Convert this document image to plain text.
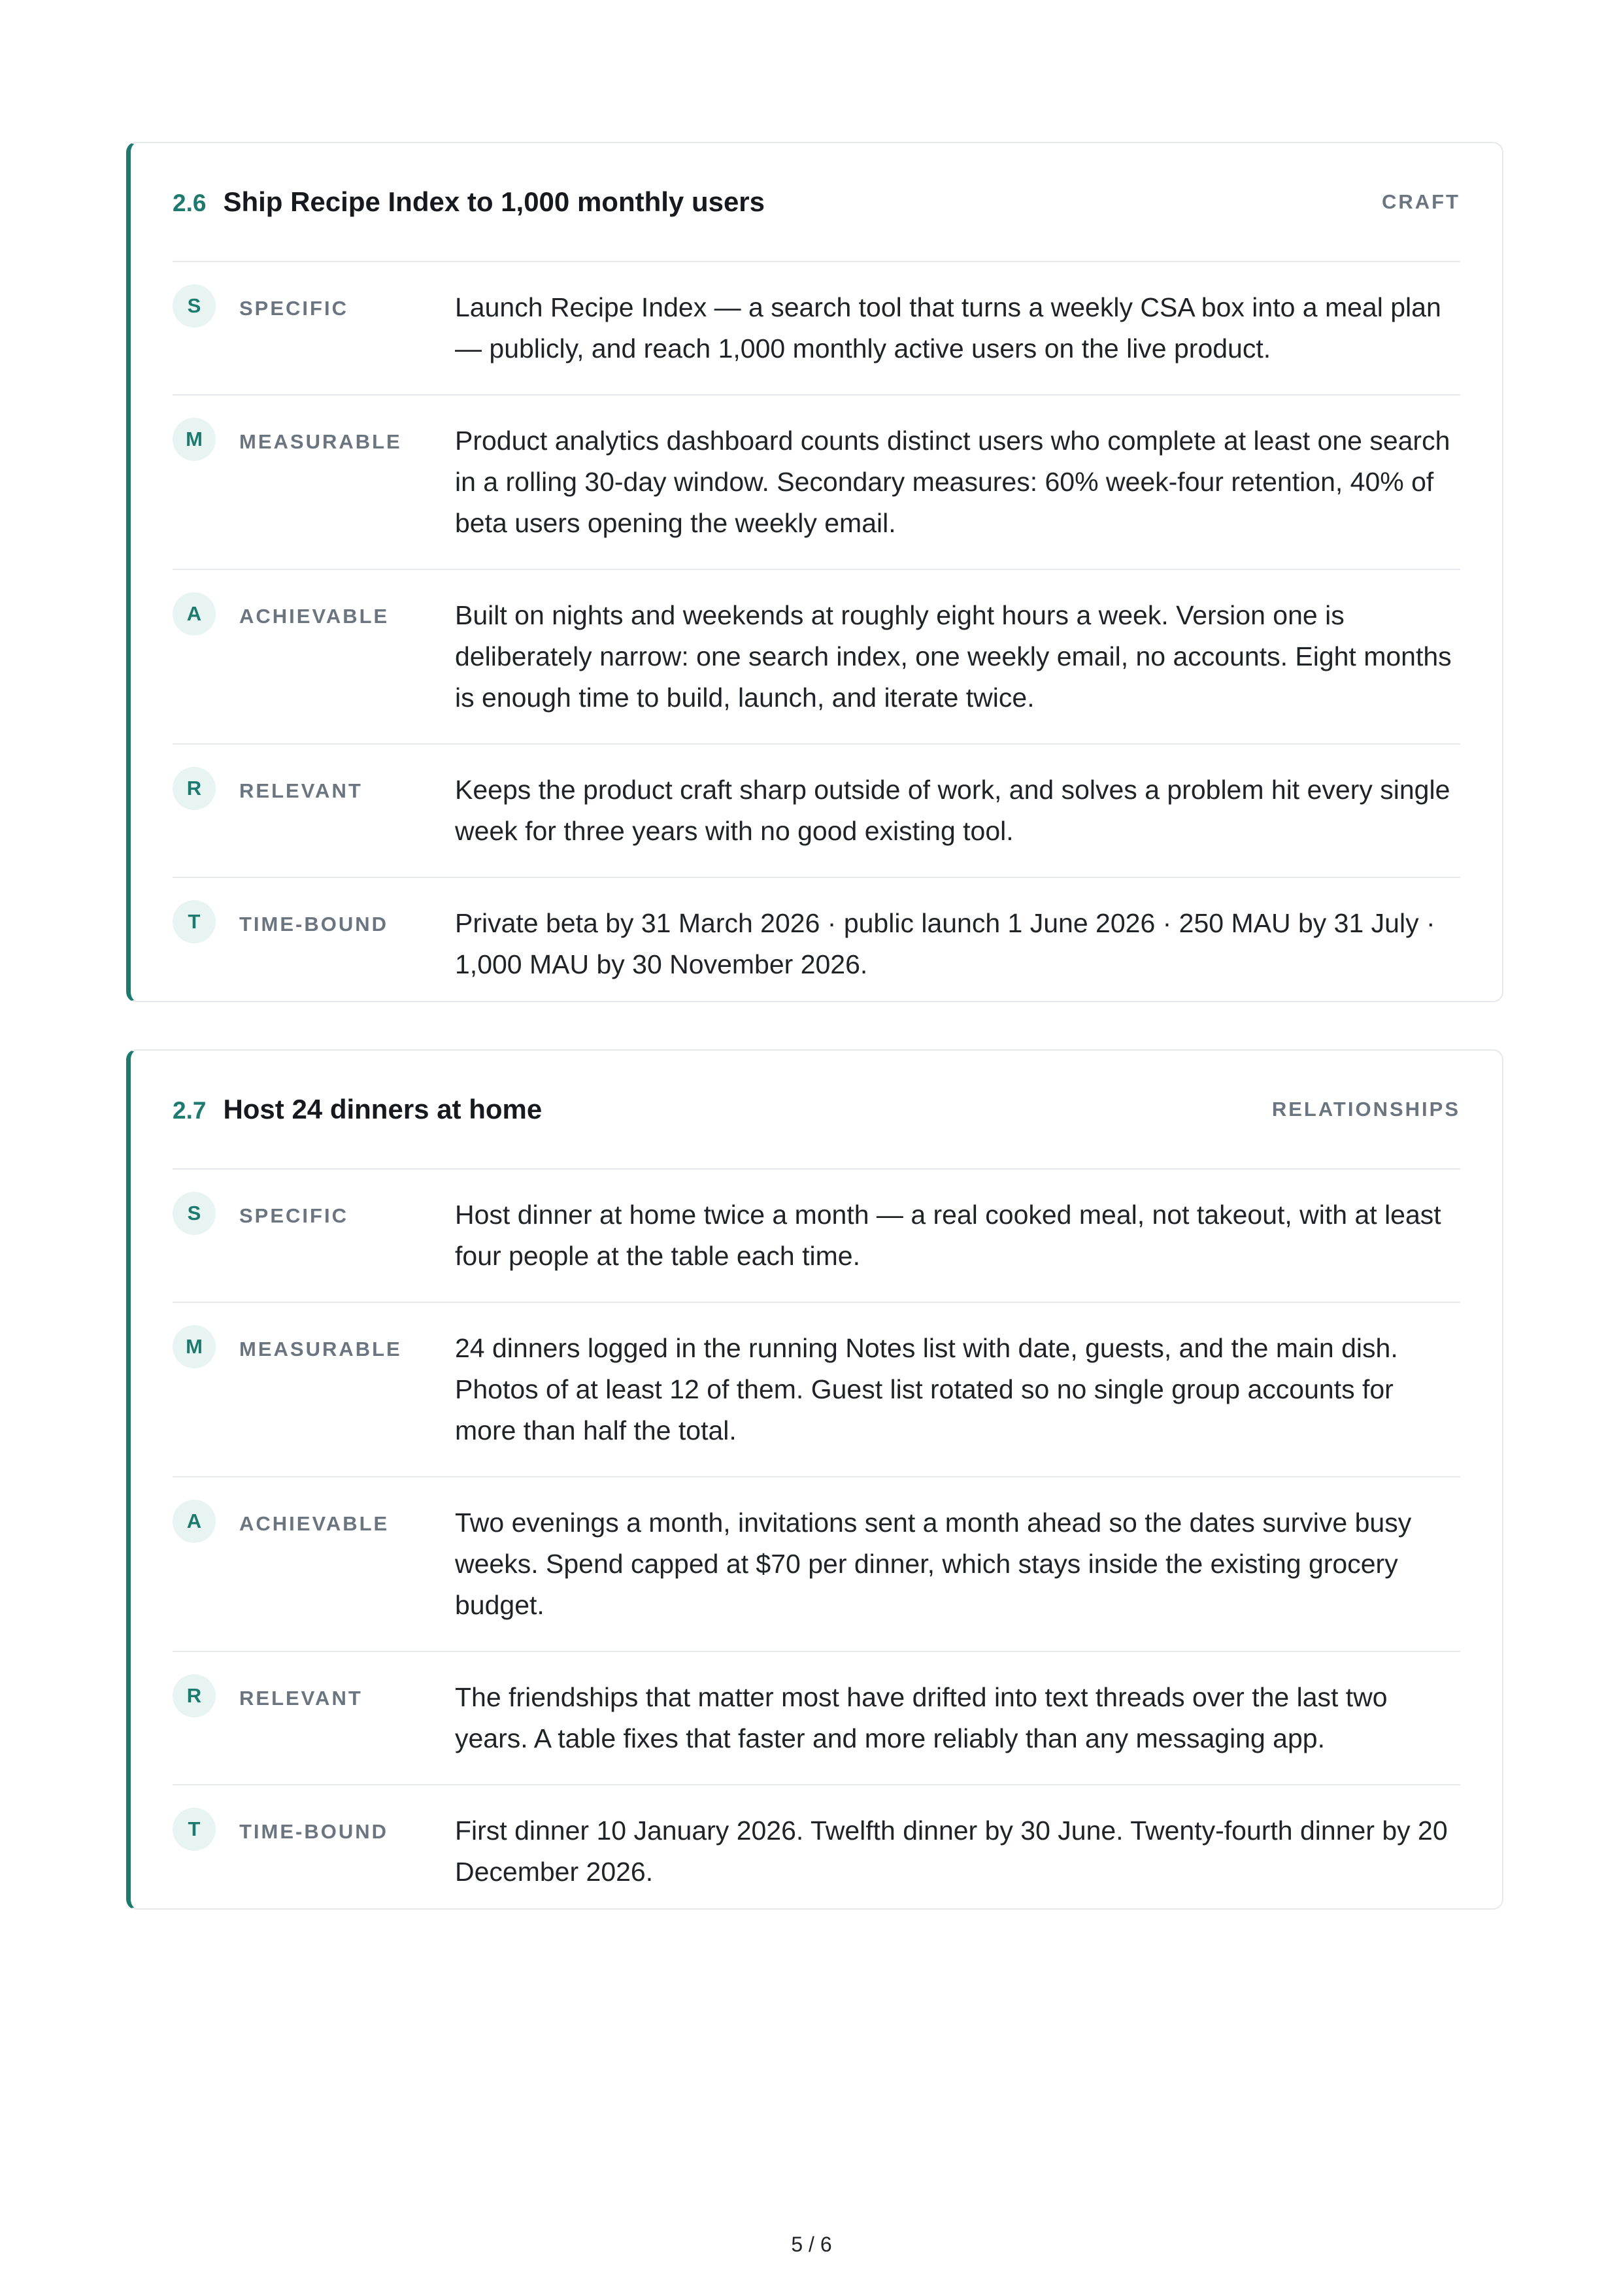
2.6 Ship Recipe Index to 1,000 monthly users	CRAFT
S	SPECIFIC	Launch Recipe Index — a search tool that turns a weekly CSA box into a meal plan — publicly, and reach 1,000 monthly active users on the live product.
M	MEASURABLE	Product analytics dashboard counts distinct users who complete at least one search in a rolling 30-day window. Secondary measures: 60% week-four retention, 40% of beta users opening the weekly email.
A	ACHIEVABLE	Built on nights and weekends at roughly eight hours a week. Version one is deliberately narrow: one search index, one weekly email, no accounts. Eight months is enough time to build, launch, and iterate twice.
R	RELEVANT	Keeps the product craft sharp outside of work, and solves a problem hit every single week for three years with no good existing tool.
T	TIME-BOUND	Private beta by 31 March 2026 · public launch 1 June 2026 · 250 MAU by 31 July · 1,000 MAU by 30 November 2026.
2.7 Host 24 dinners at home	RELATIONSHIPS
S	SPECIFIC	Host dinner at home twice a month — a real cooked meal, not takeout, with at least four people at the table each time.
M	MEASURABLE	24 dinners logged in the running Notes list with date, guests, and the main dish. Photos of at least 12 of them. Guest list rotated so no single group accounts for more than half the total.
A	ACHIEVABLE	Two evenings a month, invitations sent a month ahead so the dates survive busy weeks. Spend capped at $70 per dinner, which stays inside the existing grocery budget.
R	RELEVANT	The friendships that matter most have drifted into text threads over the last two years. A table fixes that faster and more reliably than any messaging app.
T	TIME-BOUND	First dinner 10 January 2026. Twelfth dinner by 30 June. Twenty-fourth dinner by 20 December 2026.
5 / 6
